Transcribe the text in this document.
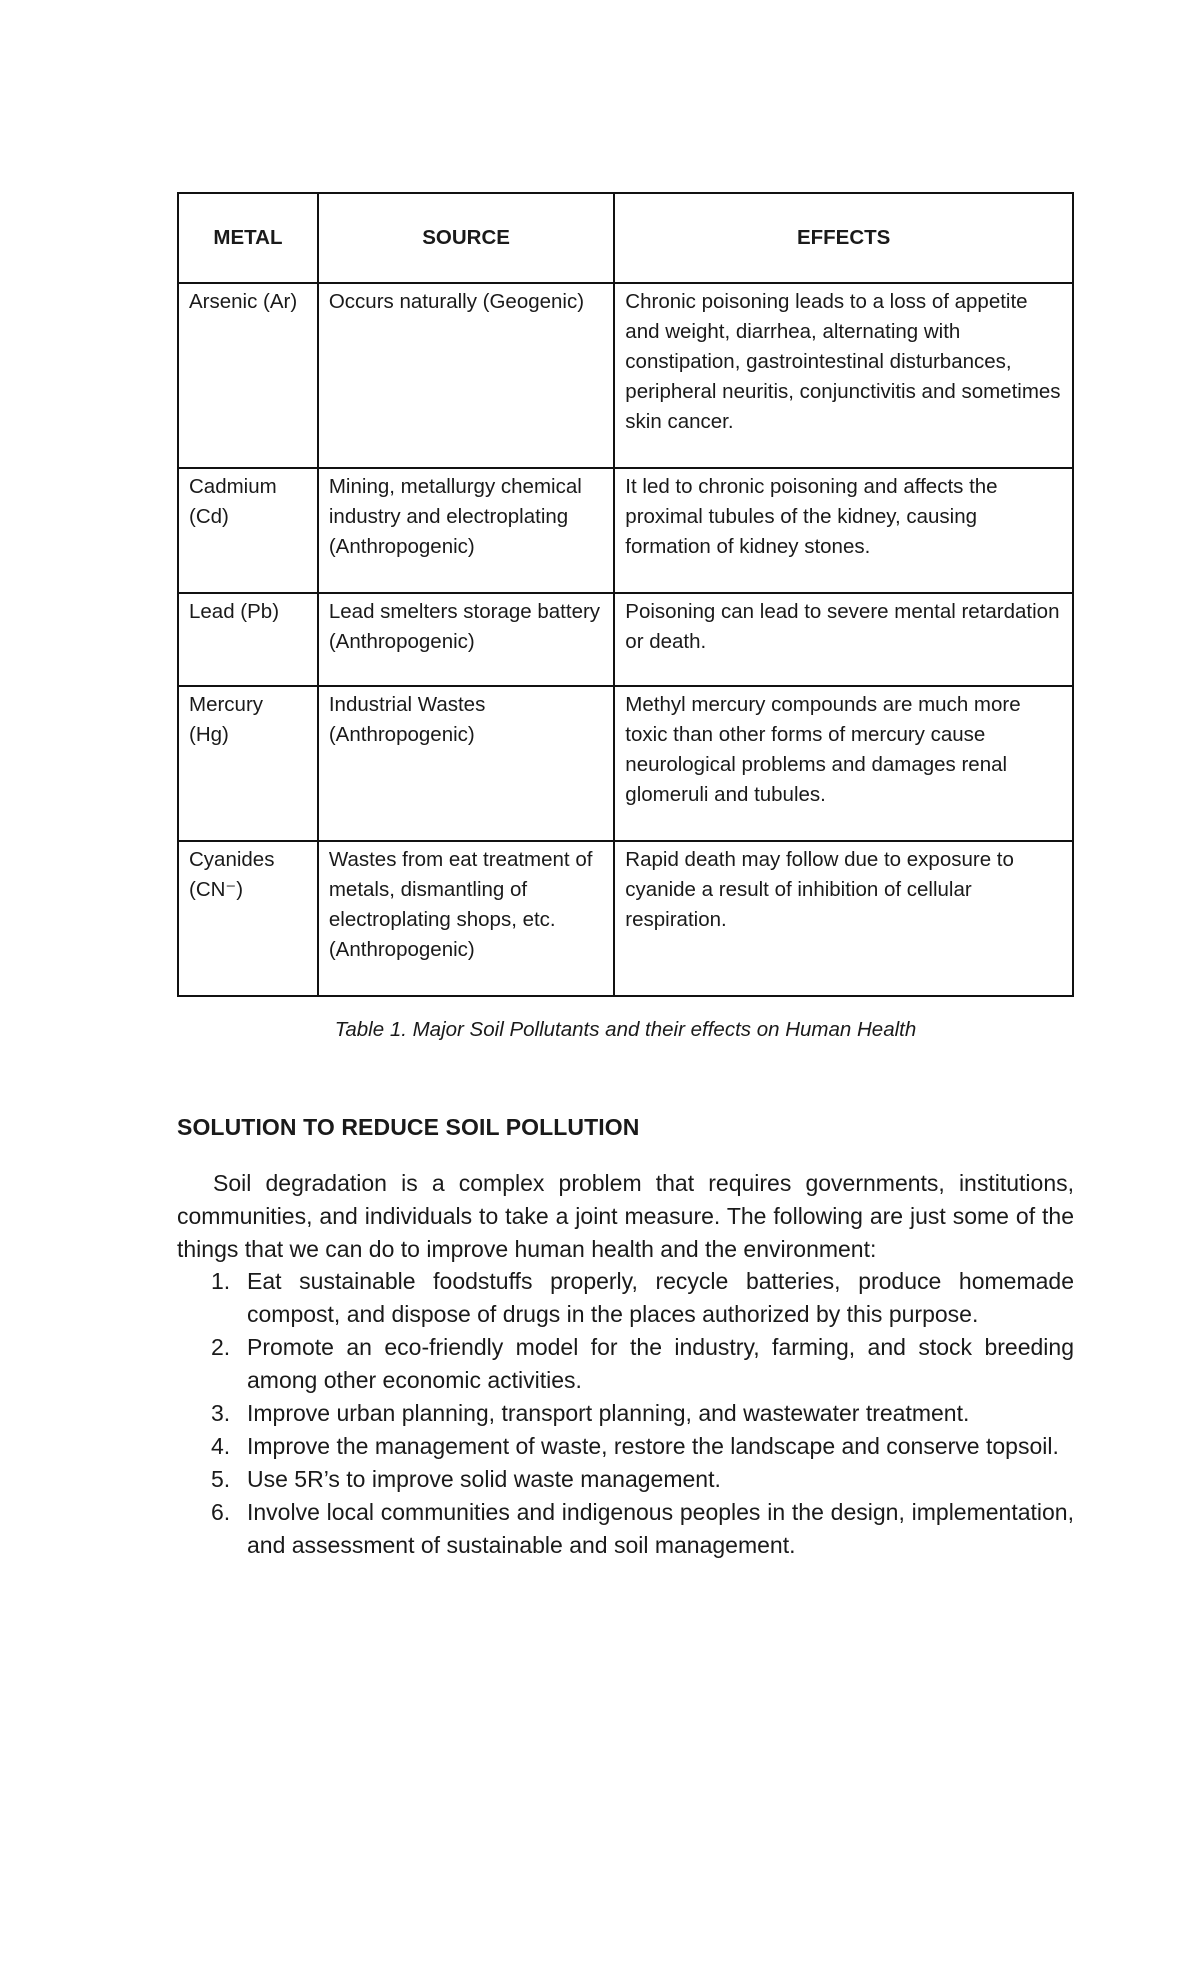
METAL	SOURCE	EFFECTS
Arsenic (Ar)	Occurs naturally (Geogenic)	Chronic poisoning leads to a loss of appetite and weight, diarrhea, alternating with constipation, gastrointestinal disturbances, peripheral neuritis, conjunctivitis and sometimes skin cancer.
Cadmium (Cd)	Mining, metallurgy chemical industry and electroplating (Anthropogenic)	It led to chronic poisoning and affects the proximal tubules of the kidney, causing formation of kidney stones.
Lead (Pb)	Lead smelters storage battery (Anthropogenic)	Poisoning can lead to severe mental retardation or death.
Mercury (Hg)	Industrial Wastes (Anthropogenic)	Methyl mercury compounds are much more toxic than other forms of mercury cause neurological problems and damages renal glomeruli and tubules.
Cyanides (CN⁻)	Wastes from eat treatment of metals, dismantling of electroplating shops, etc. (Anthropogenic)	Rapid death may follow due to exposure to cyanide a result of inhibition of cellular respiration.
Table 1. Major Soil Pollutants and their effects on Human Health
SOLUTION TO REDUCE SOIL POLLUTION

Soil degradation is a complex problem that requires governments, institutions, communities, and individuals to take a joint measure. The following are just some of the things that we can do to improve human health and the environment:

1. Eat sustainable foodstuffs properly, recycle batteries, produce homemade compost, and dispose of drugs in the places authorized by this purpose.
2. Promote an eco-friendly model for the industry, farming, and stock breeding among other economic activities.
3. Improve urban planning, transport planning, and wastewater treatment.
4. Improve the management of waste, restore the landscape and conserve topsoil.
5. Use 5R’s to improve solid waste management.
6. Involve local communities and indigenous peoples in the design, implementation, and assessment of sustainable and soil management.
